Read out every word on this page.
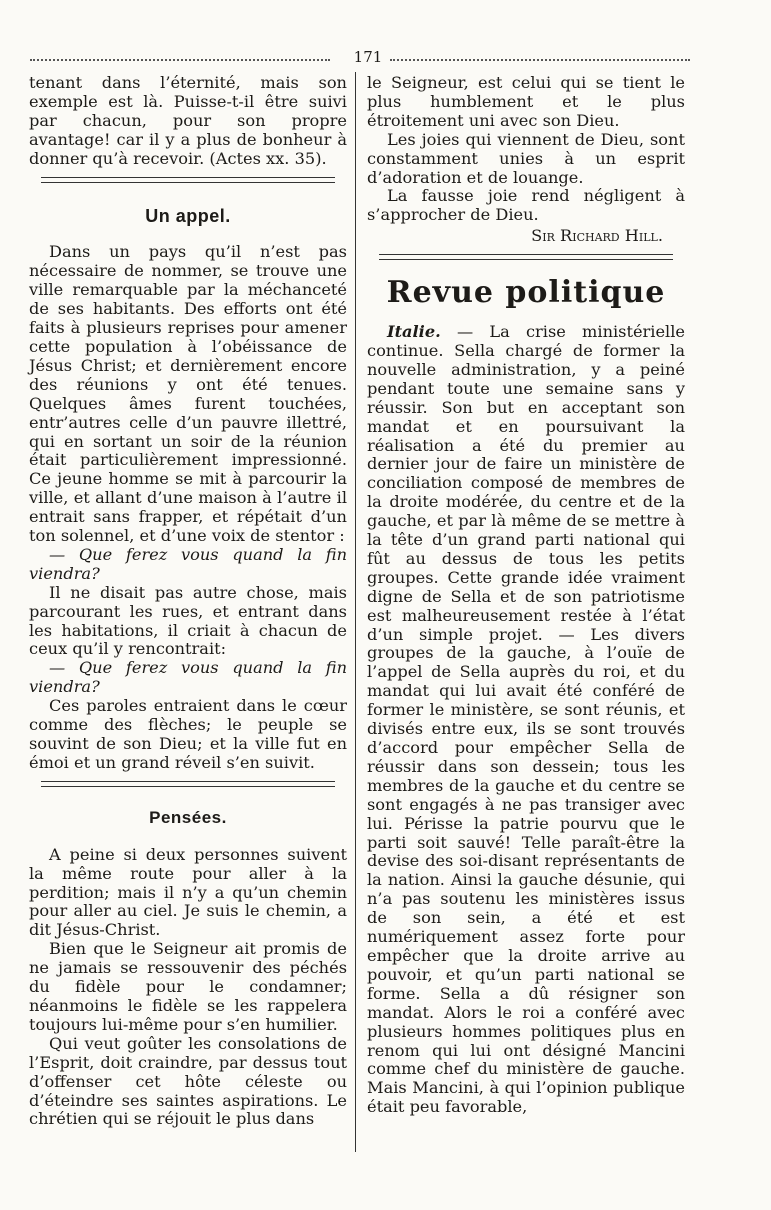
171

tenant dans l’éternité, mais son exemple est là. Puisse-t-il être suivi par chacun, pour son propre avantage! car il y a plus de bonheur à donner qu’à recevoir. (Actes xx. 35).

Un appel.

Dans un pays qu’il n’est pas nécessaire de nommer, se trouve une ville remarquable par la méchanceté de ses habitants. Des efforts ont été faits à plusieurs reprises pour amener cette population à l’obéissance de Jésus Christ; et dernièrement encore des réunions y ont été tenues. Quelques âmes furent touchées, entr’autres celle d’un pauvre illettré, qui en sortant un soir de la réunion était particulièrement impressionné. Ce jeune homme se mit à parcourir la ville, et allant d’une maison à l’autre il entrait sans frapper, et répétait d’un ton solennel, et d’une voix de stentor :

— Que ferez vous quand la fin viendra?

Il ne disait pas autre chose, mais parcourant les rues, et entrant dans les habitations, il criait à chacun de ceux qu’il y rencontrait:

— Que ferez vous quand la fin viendra?

Ces paroles entraient dans le cœur comme des flèches; le peuple se souvint de son Dieu; et la ville fut en émoi et un grand réveil s’en suivit.

Pensées.

A peine si deux personnes suivent la même route pour aller à la perdition; mais il n’y a qu’un chemin pour aller au ciel. Je suis le chemin, a dit Jésus-Christ.

Bien que le Seigneur ait promis de ne jamais se ressouvenir des péchés du fidèle pour le condamner; néanmoins le fidèle se les rappelera toujours lui-même pour s’en humilier.

Qui veut goûter les consolations de l’Esprit, doit craindre, par dessus tout d’offenser cet hôte céleste ou d’éteindre ses saintes aspirations. Le chrétien qui se réjouit le plus dans

le Seigneur, est celui qui se tient le plus humblement et le plus étroitement uni avec son Dieu.

Les joies qui viennent de Dieu, sont constamment unies à un esprit d’adoration et de louange.

La fausse joie rend négligent à s’approcher de Dieu.

Sir Richard Hill.
Revue politique

Italie. — La crise ministérielle continue. Sella chargé de former la nouvelle administration, y a peiné pendant toute une semaine sans y réussir. Son but en acceptant son mandat et en poursuivant la réalisation a été du premier au dernier jour de faire un ministère de conciliation composé de membres de la droite modérée, du centre et de la gauche, et par là même de se mettre à la tête d’un grand parti national qui fût au dessus de tous les petits groupes. Cette grande idée vraiment digne de Sella et de son patriotisme est malheureusement restée à l’état d’un simple projet. — Les divers groupes de la gauche, à l’ouïe de l’appel de Sella auprès du roi, et du mandat qui lui avait été conféré de former le ministère, se sont réunis, et divisés entre eux, ils se sont trouvés d’accord pour empêcher Sella de réussir dans son dessein; tous les membres de la gauche et du centre se sont engagés à ne pas transiger avec lui. Périsse la patrie pourvu que le parti soit sauvé! Telle paraît-être la devise des soi-disant représentants de la nation. Ainsi la gauche désunie, qui n’a pas soutenu les ministères issus de son sein, a été et est numériquement assez forte pour empêcher que la droite arrive au pouvoir, et qu’un parti national se forme. Sella a dû résigner son mandat. Alors le roi a conféré avec plusieurs hommes politiques plus en renom qui lui ont désigné Mancini comme chef du ministère de gauche. Mais Mancini, à qui l’opinion publique était peu favorable,
